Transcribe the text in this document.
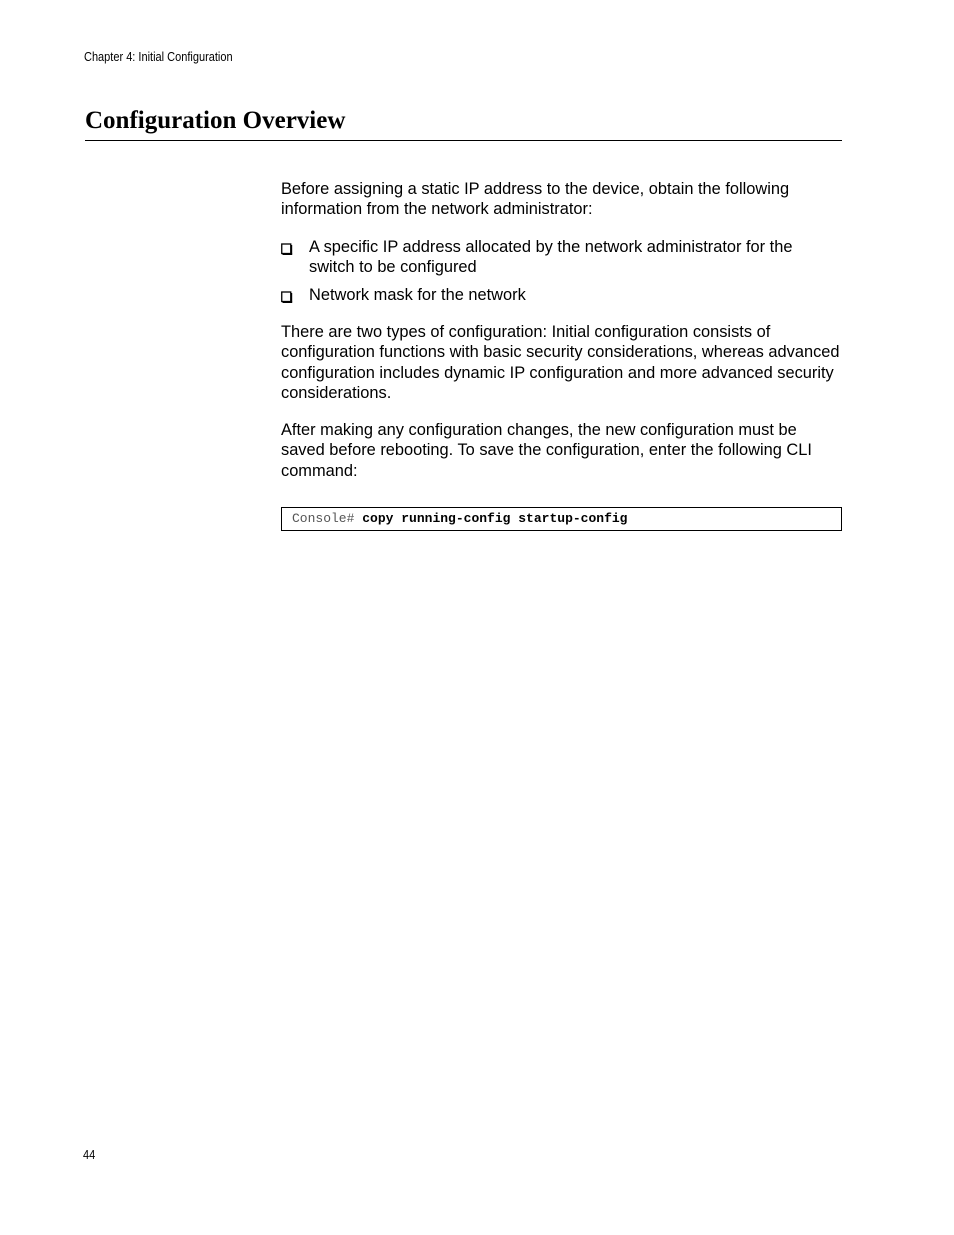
Chapter 4: Initial Configuration
Configuration Overview

Before assigning a static IP address to the device, obtain the following information from the network administrator:

A specific IP address allocated by the network administrator for the switch to be configured
Network mask for the network

There are two types of configuration: Initial configuration consists of configuration functions with basic security considerations, whereas advanced configuration includes dynamic IP configuration and more advanced security considerations.

After making any configuration changes, the new configuration must be saved before rebooting. To save the configuration, enter the following CLI command:

Console# copy running-config startup-config
44
